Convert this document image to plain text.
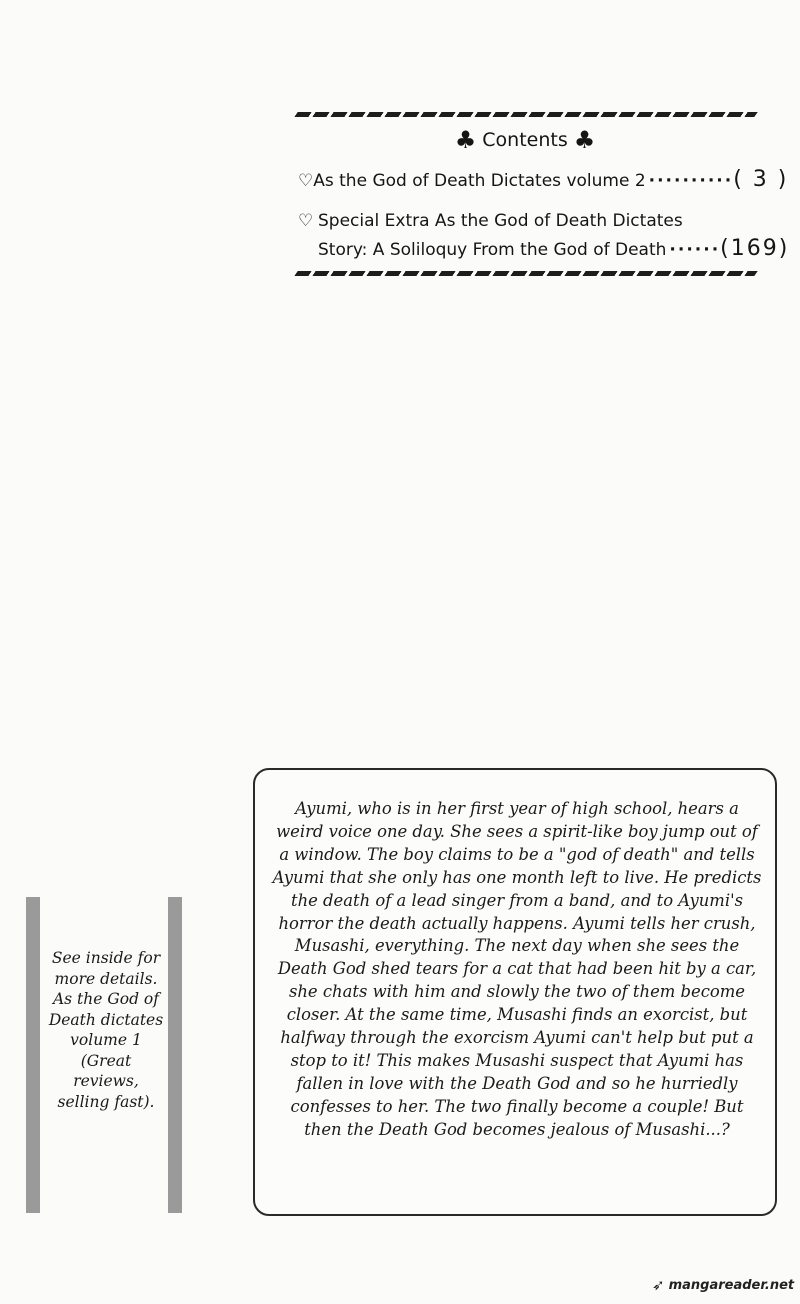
♣ Contents ♣
♡ As the God of Death Dictates volume 2 ·········· ( 3 )
♡ Special Extra As the God of Death Dictates
Story: A Soliloquy From the God of Death ······ (169)
See inside for more details. As the God of Death dictates volume 1 (Great reviews, selling fast).
Ayumi, who is in her first year of high school, hears a weird voice one day. She sees a spirit-like boy jump out of a window. The boy claims to be a "god of death" and tells Ayumi that she only has one month left to live. He predicts the death of a lead singer from a band, and to Ayumi's horror the death actually happens. Ayumi tells her crush, Musashi, everything. The next day when she sees the Death God shed tears for a cat that had been hit by a car, she chats with him and slowly the two of them become closer. At the same time, Musashi finds an exorcist, but halfway through the exorcism Ayumi can't help but put a stop to it! This makes Musashi suspect that Ayumi has fallen in love with the Death God and so he hurriedly confesses to her. The two finally become a couple! But then the Death God becomes jealous of Musashi...?
➶ mangareader.net
